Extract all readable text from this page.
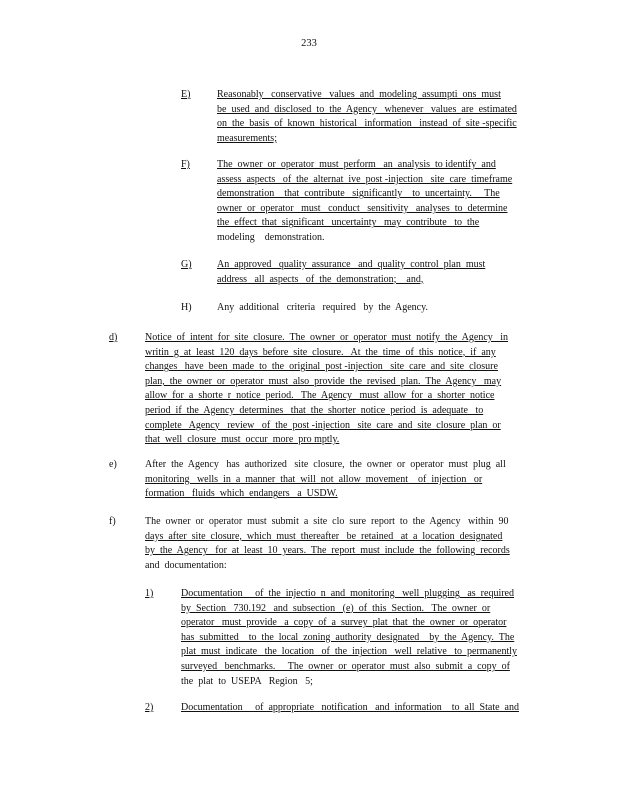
233
E)	Reasonably   conservative   values  and  modeling  assumpti  ons  must
be  used  and  disclosed  to  the  Agency   whenever   values  are  estimated
on  the  basis  of  known  historical   information   instead  of  site -specific
measurements;
F)	The  owner  or  operator  must  perform   an  analysis  to identify  and
assess  aspects   of  the  alternat  ive  post -injection   site  care  timeframe
demonstration    that  contribute   significantly    to  uncertainty.     The
owner  or  operator   must   conduct   sensitivity   analyses  to  determine
the  effect  that  significant   uncertainty   may  contribute   to  the
modeling    demonstration.
G)	An  approved   quality  assurance   and  quality  control  plan  must
address   all  aspects   of  the  demonstration;    and,
H)	Any  additional   criteria   required   by  the  Agency.
d)	Notice  of  intent  for  site  closure.  The  owner  or  operator  must  notify  the  Agency   in
writin  g  at  least  120  days  before  site  closure.   At  the  time  of  this  notice,  if  any
changes   have  been  made  to  the  original  post -injection   site  care  and  site  closure
plan,  the  owner  or  operator  must  also  provide  the  revised  plan.  The  Agency   may
allow  for  a  shorte  r  notice  period.   The  Agency   must  allow  for  a  shorter  notice
period  if  the  Agency  determines   that  the  shorter  notice  period  is  adequate   to
complete   Agency   review   of  the  post -injection   site  care  and  site  closure  plan  or
that  well  closure  must  occur  more  pro mptly.
e)	After  the  Agency   has  authorized   site  closure,  the  owner  or  operator  must  plug  all
monitoring   wells  in  a  manner  that  will  not  allow  movement    of  injection   or
formation   fluids  which  endangers   a  USDW.
f)	The  owner  or  operator  must  submit  a  site  clo  sure  report  to  the  Agency   within  90
days  after  site  closure,  which  must  thereafter   be  retained   at  a  location  designated
by  the  Agency   for  at  least  10  years.  The  report  must  include  the  following  records
and  documentation:
1)	Documentation     of  the  injectio  n  and  monitoring   well  plugging   as  required
by  Section   730.192   and  subsection   (e)  of  this  Section.   The  owner  or
operator   must  provide   a  copy  of  a  survey  plat  that  the  owner  or  operator
has  submitted    to  the  local  zoning  authority  designated    by  the  Agency.  The
plat  must  indicate   the  location   of  the  injection   well  relative   to  permanently
surveyed   benchmarks.     The  owner  or  operator  must  also  submit  a  copy  of
the  plat  to  USEPA   Region   5;
2)	Documentation     of  appropriate   notification   and  information    to  all  State  and
